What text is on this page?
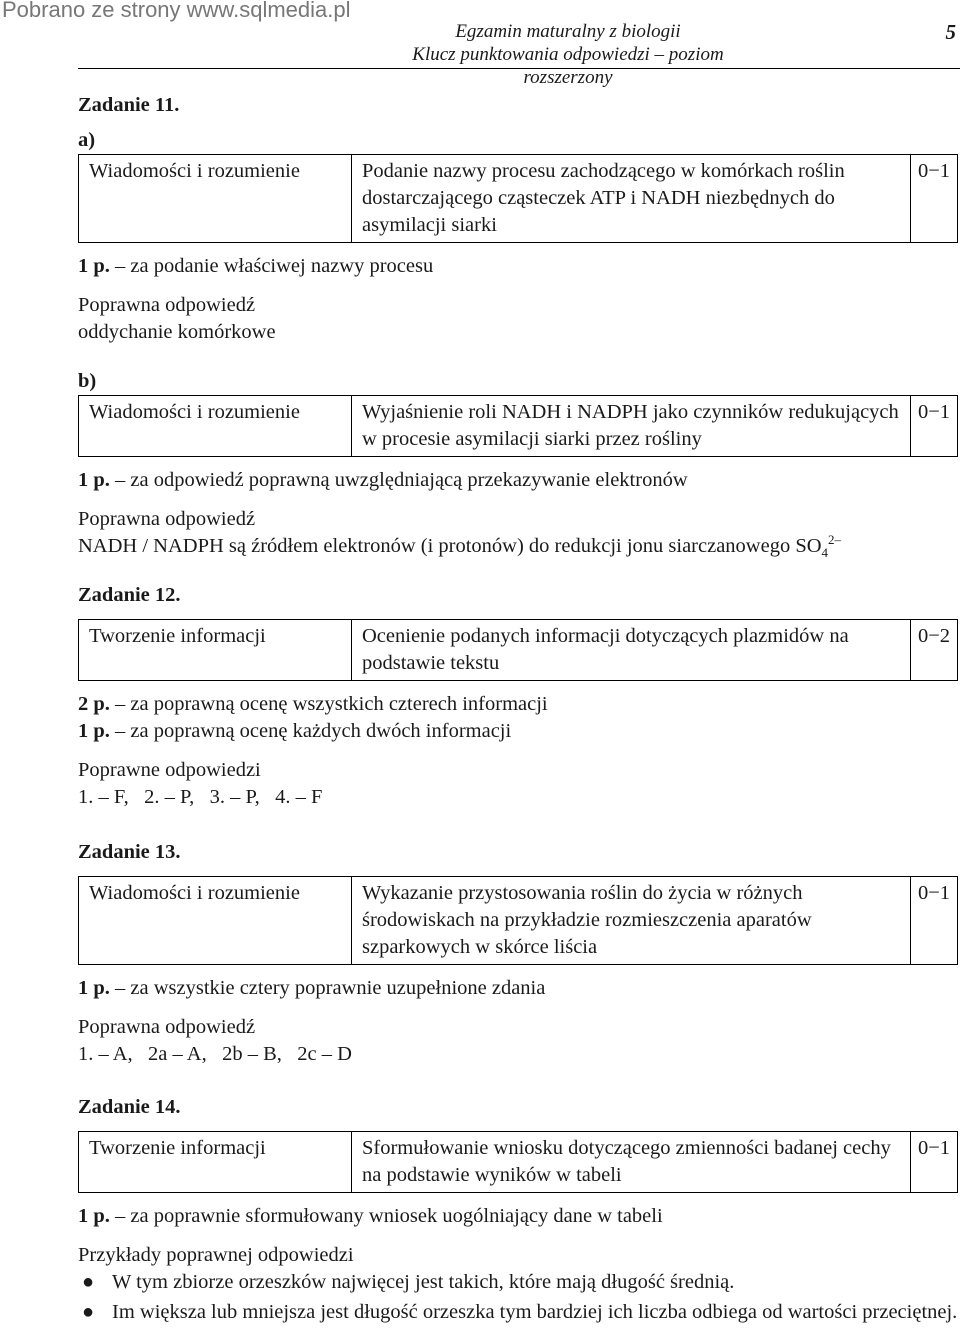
Pobrano ze strony www.sqlmedia.pl
Egzamin maturalny z biologii
Klucz punktowania odpowiedzi – poziom rozszerzony
5
Zadanie 11.
a)
Wiadomości i rozumienie	Podanie nazwy procesu zachodzącego w komórkach roślin dostarczającego cząsteczek ATP i NADH niezbędnych do asymilacji siarki	0−1
1 p. – za podanie właściwej nazwy procesu
Poprawna odpowiedź
oddychanie komórkowe
b)
Wiadomości i rozumienie	Wyjaśnienie roli NADH i NADPH jako czynników redukujących w procesie asymilacji siarki przez rośliny	0−1
1 p. – za odpowiedź poprawną uwzględniającą przekazywanie elektronów
Poprawna odpowiedź
NADH / NADPH są źródłem elektronów (i protonów) do redukcji jonu siarczanowego $SO_4^{2-}$
Zadanie 12.
Tworzenie informacji	Ocenienie podanych informacji dotyczących plazmidów na podstawie tekstu	0−2
2 p. – za poprawną ocenę wszystkich czterech informacji
1 p. – za poprawną ocenę każdych dwóch informacji
Poprawne odpowiedzi
1. – F,   2. – P,   3. – P,   4. – F
Zadanie 13.
Wiadomości i rozumienie	Wykazanie przystosowania roślin do życia w różnych środowiskach na przykładzie rozmieszczenia aparatów szparkowych w skórce liścia	0−1
1 p. – za wszystkie cztery poprawnie uzupełnione zdania
Poprawna odpowiedź
1. – A,   2a – A,   2b – B,   2c – D
Zadanie 14.
Tworzenie informacji	Sformułowanie wniosku dotyczącego zmienności badanej cechy na podstawie wyników w tabeli	0−1
1 p. – za poprawnie sformułowany wniosek uogólniający dane w tabeli
Przykłady poprawnej odpowiedzi
● W tym zbiorze orzeszków najwięcej jest takich, które mają długość średnią.
● Im większa lub mniejsza jest długość orzeszka tym bardziej ich liczba odbiega od wartości przeciętnej.
